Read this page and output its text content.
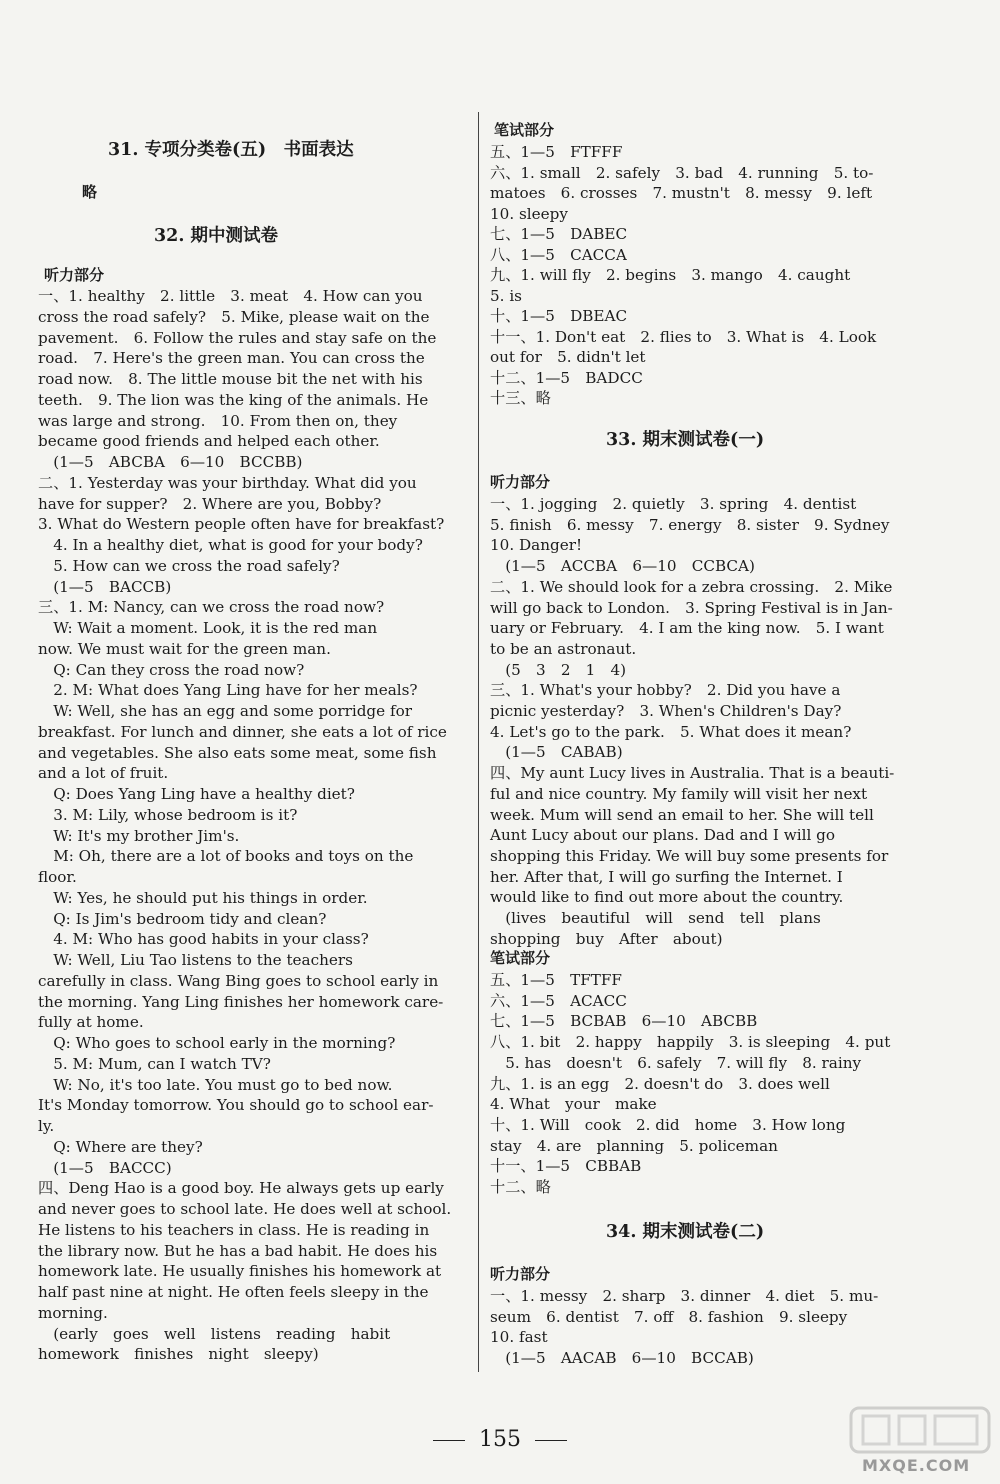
31. 专项分类卷(五)　书面表达
略
32. 期中测试卷
听力部分
一、1. healthy　2. little　3. meat　4. How can you
cross the road safely?　5. Mike, please wait on the
pavement.　6. Follow the rules and stay safe on the
road.　7. Here's the green man. You can cross the
road now.　8. The little mouse bit the net with his
teeth.　9. The lion was the king of the animals. He
was large and strong.　10. From then on, they
became good friends and helped each other.
　(1—5　ABCBA　6—10　BCCBB)
二、1. Yesterday was your birthday. What did you
have for supper?　2. Where are you, Bobby?
3. What do Western people often have for breakfast?
　4. In a healthy diet, what is good for your body?
　5. How can we cross the road safely?
　(1—5　BACCB)
三、1. M: Nancy, can we cross the road now?
　W: Wait a moment. Look, it is the red man
now. We must wait for the green man.
　Q: Can they cross the road now?
　2. M: What does Yang Ling have for her meals?
　W: Well, she has an egg and some porridge for
breakfast. For lunch and dinner, she eats a lot of rice
and vegetables. She also eats some meat, some fish
and a lot of fruit.
　Q: Does Yang Ling have a healthy diet?
　3. M: Lily, whose bedroom is it?
　W: It's my brother Jim's.
　M: Oh, there are a lot of books and toys on the
floor.
　W: Yes, he should put his things in order.
　Q: Is Jim's bedroom tidy and clean?
　4. M: Who has good habits in your class?
　W: Well, Liu Tao listens to the teachers
carefully in class. Wang Bing goes to school early in
the morning. Yang Ling finishes her homework care-
fully at home.
　Q: Who goes to school early in the morning?
　5. M: Mum, can I watch TV?
　W: No, it's too late. You must go to bed now.
It's Monday tomorrow. You should go to school ear-
ly.
　Q: Where are they?
　(1—5　BACCC)
四、Deng Hao is a good boy. He always gets up early
and never goes to school late. He does well at school.
He listens to his teachers in class. He is reading in
the library now. But he has a bad habit. He does his
homework late. He usually finishes his homework at
half past nine at night. He often feels sleepy in the
morning.
　(early　goes　well　listens　reading　habit
homework　finishes　night　sleepy)
笔试部分
五、1—5　FTFFF
六、1. small　2. safely　3. bad　4. running　5. to-
matoes　6. crosses　7. mustn't　8. messy　9. left
10. sleepy
七、1—5　DABEC
八、1—5　CACCA
九、1. will fly　2. begins　3. mango　4. caught
5. is
十、1—5　DBEAC
十一、1. Don't eat　2. flies to　3. What is　4. Look
out for　5. didn't let
十二、1—5　BADCC
十三、略
33. 期末测试卷(一)
听力部分
一、1. jogging　2. quietly　3. spring　4. dentist
5. finish　6. messy　7. energy　8. sister　9. Sydney
10. Danger!
　(1—5　ACCBA　6—10　CCBCA)
二、1. We should look for a zebra crossing.　2. Mike
will go back to London.　3. Spring Festival is in Jan-
uary or February.　4. I am the king now.　5. I want
to be an astronaut.
　(5　3　2　1　4)
三、1. What's your hobby?　2. Did you have a
picnic yesterday?　3. When's Children's Day?
4. Let's go to the park.　5. What does it mean?
　(1—5　CABAB)
四、My aunt Lucy lives in Australia. That is a beauti-
ful and nice country. My family will visit her next
week. Mum will send an email to her. She will tell
Aunt Lucy about our plans. Dad and I will go
shopping this Friday. We will buy some presents for
her. After that, I will go surfing the Internet. I
would like to find out more about the country.
　(lives　beautiful　will　send　tell　plans
shopping　buy　After　about)
笔试部分
五、1—5　TFTFF
六、1—5　ACACC
七、1—5　BCBAB　6—10　ABCBB
八、1. bit　2. happy　happily　3. is sleeping　4. put
　5. has　doesn't　6. safely　7. will fly　8. rainy
九、1. is an egg　2. doesn't do　3. does well
4. What　your　make
十、1. Will　cook　2. did　home　3. How long
stay　4. are　planning　5. policeman
十一、1—5　CBBAB
十二、略
34. 期末测试卷(二)
听力部分
一、1. messy　2. sharp　3. dinner　4. diet　5. mu-
seum　6. dentist　7. off　8. fashion　9. sleepy
10. fast
　(1—5　AACAB　6—10　BCCAB)
155
MXQE.COM
